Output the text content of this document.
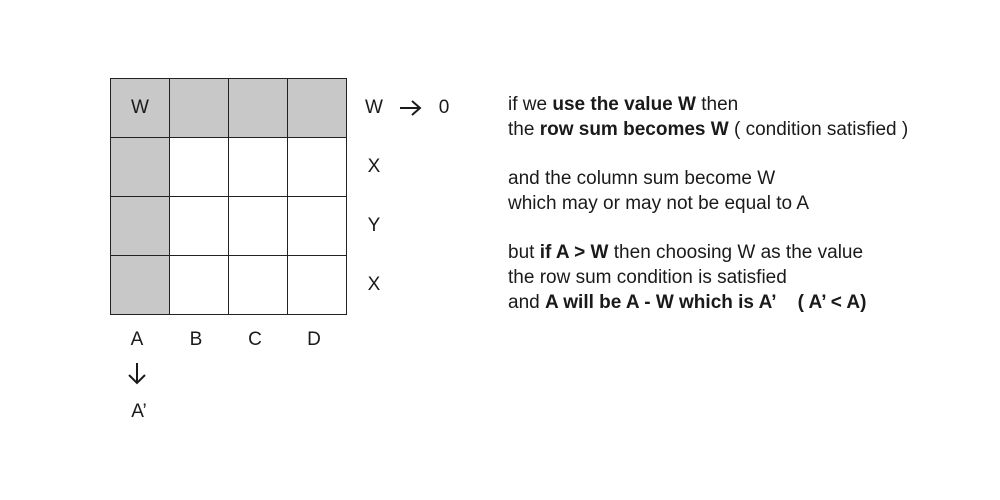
W	W
X
Y
X
0
A	B	C	D
A’
if we use the value W then
the row sum becomes W ( condition satisfied )
and the column sum become W
which may or may not be equal to A
but if A > W then choosing W as the value
the row sum condition is satisfied
and A will be A - W which is A’ ( A’ < A)
